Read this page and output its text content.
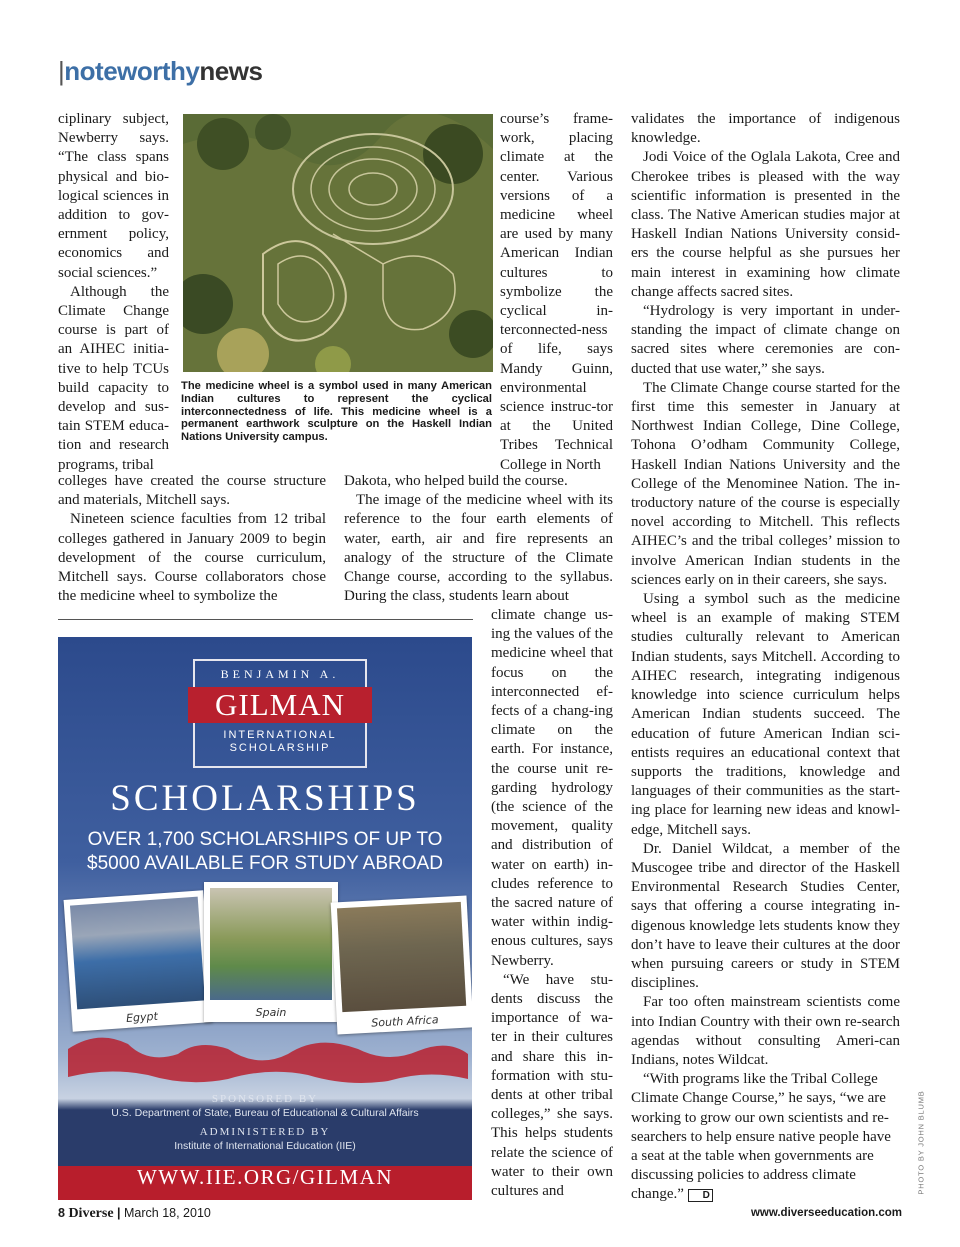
|noteworthynews

ciplinary subject, Newberry says. “The class spans physical and bio-logical sciences in addition to gov-ernment policy, economics and social sciences.”

Although the Climate Change course is part of an AIHEC initia-tive to help TCUs build capacity to develop and sus-tain STEM educa-tion and research programs, tribal

The medicine wheel is a symbol used in many American Indian cultures to represent the cyclical interconnectedness of life. This medicine wheel is a permanent earthwork sculpture on the Haskell Indian Nations University campus.

colleges have created the course structure and materials, Mitchell says.

Nineteen science faculties from 12 tribal colleges gathered in January 2009 to begin development of the course curriculum, Mitchell says. Course collaborators chose the medicine wheel to symbolize the

course’s frame-work, placing climate at the center. Various versions of a medicine wheel are used by many American Indian cultures to symbolize the cyclical in-terconnected-ness of life, says Mandy Guinn, environmental science instruc-tor at the United Tribes Technical College in North

Dakota, who helped build the course.

The image of the medicine wheel with its reference to the four earth elements of water, earth, air and fire represents an analogy of the structure of the Climate Change course, according to the syllabus. During the class, students learn about

climate change us-ing the values of the medicine wheel that focus on the interconnected ef-fects of a chang-ing climate on the earth. For instance, the course unit re-garding hydrology (the science of the movement, quality and distribution of water on earth) in-cludes reference to the sacred nature of water within indig-enous cultures, says Newberry.

“We have stu-dents discuss the importance of wa-ter in their cultures and share this in-formation with stu-dents at other tribal colleges,” she says. This helps students relate the science of water to their own cultures and

validates the importance of indigenous knowledge.

Jodi Voice of the Oglala Lakota, Cree and Cherokee tribes is pleased with the way scientific information is presented in the class. The Native American studies major at Haskell Indian Nations University consid-ers the course helpful as she pursues her main interest in examining how climate change affects sacred sites.

“Hydrology is very important in under-standing the impact of climate change on sacred sites where ceremonies are con-ducted that use water,” she says.

The Climate Change course started for the first time this semester in January at Northwest Indian College, Dine College, Tohona O’odham Community College, Haskell Indian Nations University and the College of the Menominee Nation. The in-troductory nature of the course is especially novel according to Mitchell. This reflects AIHEC’s and the tribal colleges’ mission to involve American Indian students in the sciences early on in their careers, she says.

Using a symbol such as the medicine wheel is an example of making STEM studies culturally relevant to American Indian students, says Mitchell. According to AIHEC research, integrating indigenous knowledge into science curriculum helps American Indian students succeed. The education of future American Indian sci-entists requires an educational context that supports the traditions, knowledge and languages of their communities as the start-ing place for learning new ideas and knowl-edge, Mitchell says.

Dr. Daniel Wildcat, a member of the Muscogee tribe and director of the Haskell Environmental Research Studies Center, says that offering a course integrating in-digenous knowledge lets students know they don’t have to leave their cultures at the door when pursuing careers or study in STEM disciplines.

Far too often mainstream scientists come into Indian Country with their own re-search agendas without consulting Ameri-can Indians, notes Wildcat.

“With programs like the Tribal College Climate Change Course,” he says, “we are working to grow our own scientists and re-searchers to help ensure native people have a seat at the table when governments are discussing policies to address climate change.” D

BENJAMIN A.
GILMAN
INTERNATIONAL
SCHOLARSHIP
SCHOLARSHIPS
OVER 1,700 SCHOLARSHIPS OF UP TO
$5000 AVAILABLE FOR STUDY ABROAD
Egypt	Spain
South Africa
SPONSORED BY
U.S. Department of State, Bureau of Educational & Cultural Affairs
ADMINISTERED BY
Institute of International Education (IIE)
WWW.IIE.ORG/GILMAN	PHOTO BY JOHN BLUMB
8 Diverse | March 18, 2010	www.diverseeducation.com
